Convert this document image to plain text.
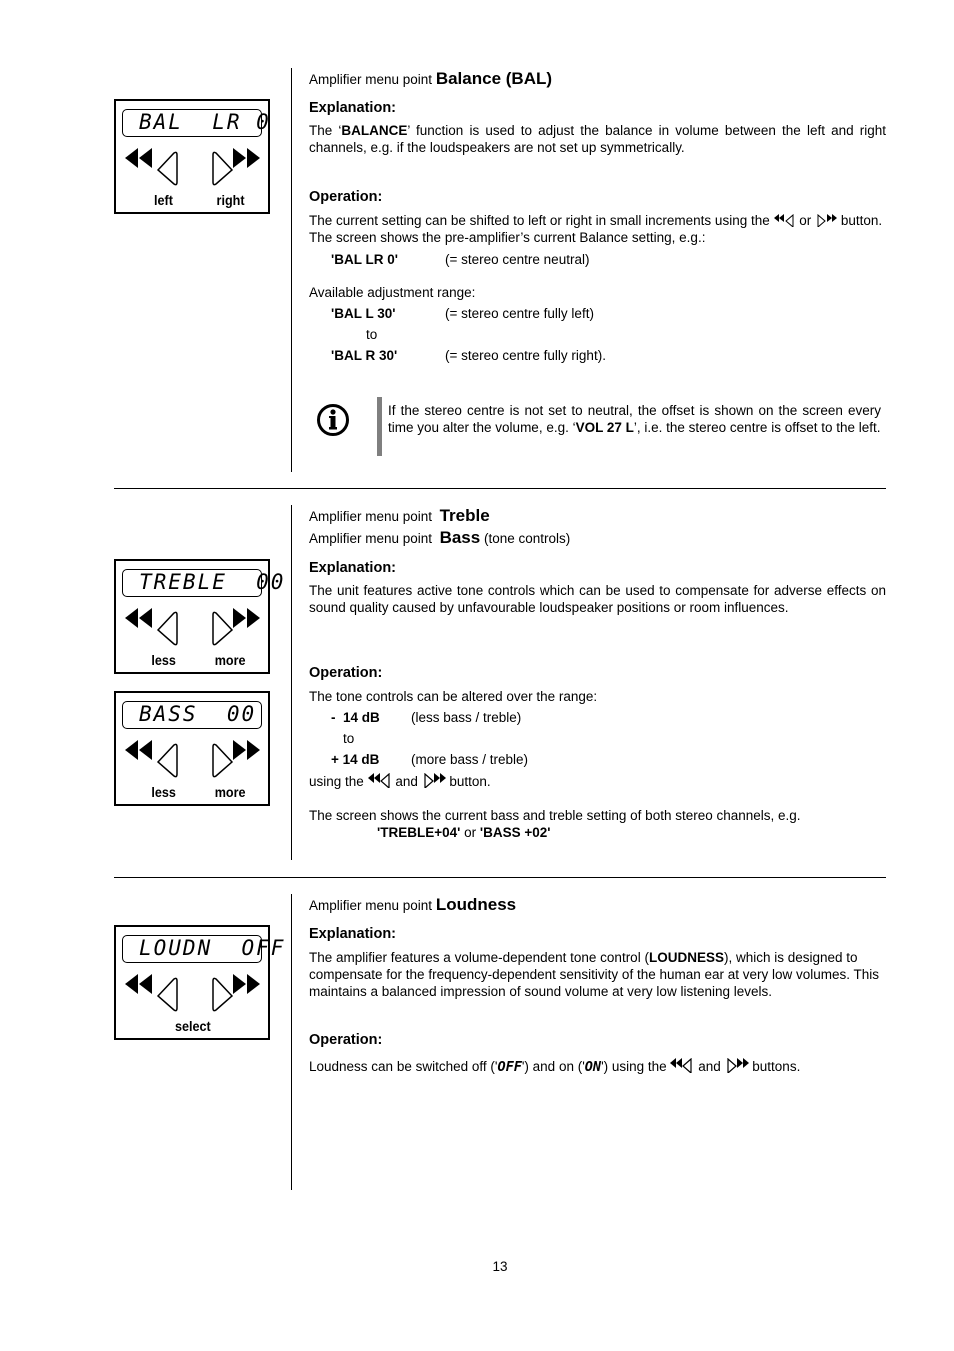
BAL  LR 0
left	right
Amplifier menu point Balance (BAL)
Explanation:
The ‘BALANCE’ function is used to adjust the balance in volume between the left and right channels, e.g. if the loudspeakers are not set up symmetrically.
Operation:
The current setting can be shifted to left or right in small increments using the or button. The screen shows the pre-amplifier’s current Balance setting, e.g.:
'BAL LR 0'	(= stereo centre neutral)
Available adjustment range:
'BAL L 30'	(= stereo centre fully left)
to
'BAL R 30'	(= stereo centre fully right).
If the stereo centre is not set to neutral, the offset is shown on the screen every time you alter the volume, e.g. ‘VOL 27 L’, i.e. the stereo centre is offset to the left.
TREBLE  00
less	more
BASS  00
less	more
Amplifier menu point Treble
Amplifier menu point Bass (tone controls)
Explanation:
The unit features active tone controls which can be used to compensate for adverse effects on sound quality caused by unfavourable loudspeaker positions or room influences.
Operation:
The tone controls can be altered over the range:
-  14 dB (less bass / treble)
to
+ 14 dB (more bass / treble)
using the and button.
The screen shows the current bass and treble setting of both stereo channels, e.g.
'TREBLE+04' or 'BASS +02'
LOUDN  OFF
select
Amplifier menu point Loudness
Explanation:
The amplifier features a volume-dependent tone control (LOUDNESS), which is designed to compensate for the frequency-dependent sensitivity of the human ear at very low volumes. This maintains a balanced impression of sound volume at very low listening levels.
Operation:
Loudness can be switched off ('OFF') and on ('ON') using the and buttons.
13
